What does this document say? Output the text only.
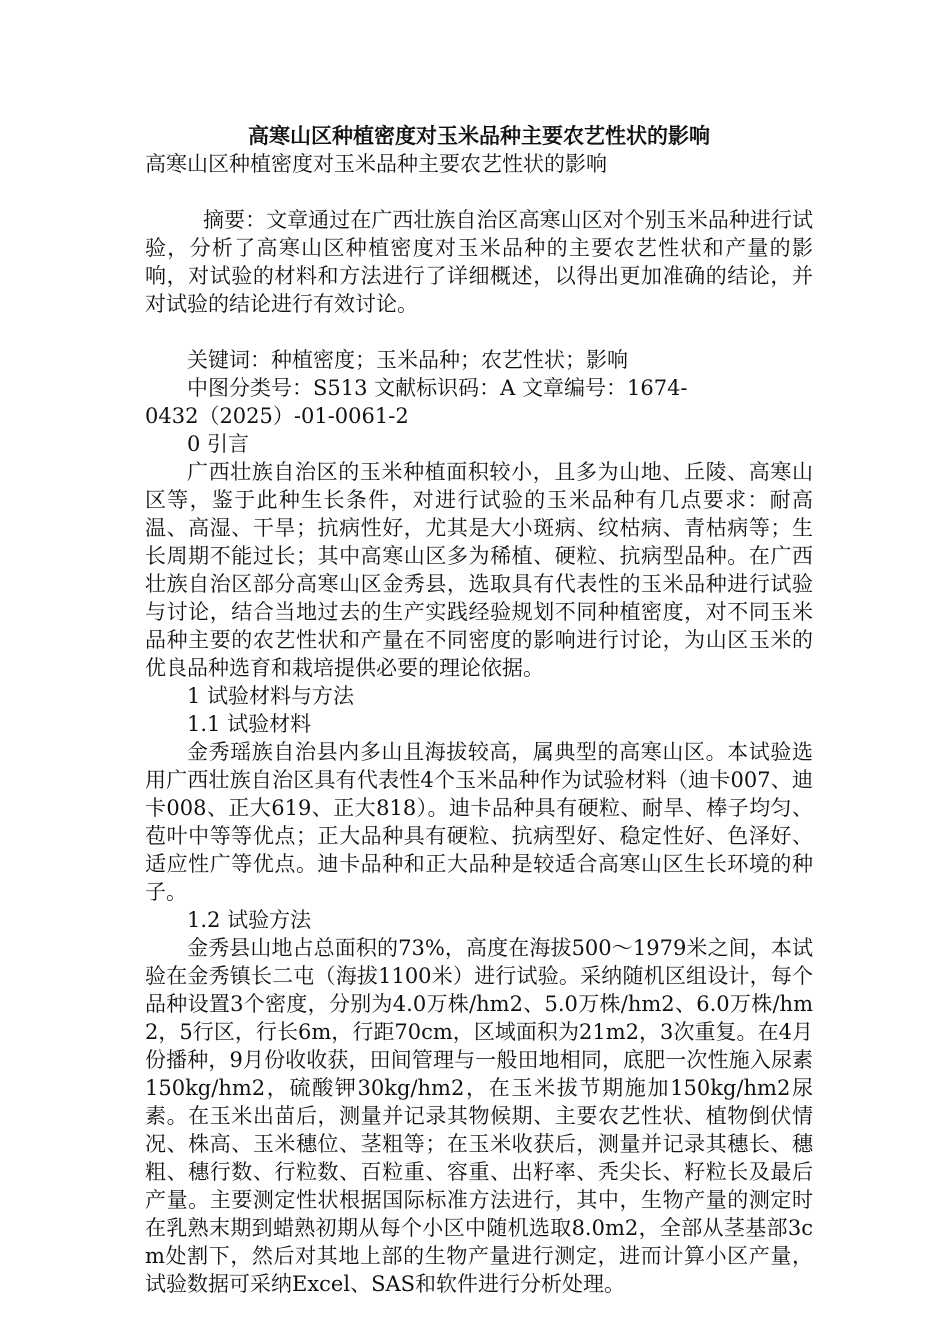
高寒山区种植密度对玉米品种主要农艺性状的影响

高寒山区种植密度对玉米品种主要农艺性状的影响

摘要：文章通过在广西壮族自治区高寒山区对个别玉米品种进行试验，分析了高寒山区种植密度对玉米品种的主要农艺性状和产量的影响，对试验的材料和方法进行了详细概述，以得出更加准确的结论，并对试验的结论进行有效讨论。

关键词：种植密度；玉米品种；农艺性状；影响

中图分类号：S513 文献标识码：A 文章编号：1674-

0432（2025）-01-0061-2

0 引言

广西壮族自治区的玉米种植面积较小，且多为山地、丘陵、高寒山区等，鉴于此种生长条件，对进行试验的玉米品种有几点要求：耐高温、高湿、干旱；抗病性好，尤其是大小斑病、纹枯病、青枯病等；生长周期不能过长；其中高寒山区多为稀植、硬粒、抗病型品种。在广西壮族自治区部分高寒山区金秀县，选取具有代表性的玉米品种进行试验与讨论，结合当地过去的生产实践经验规划不同种植密度，对不同玉米品种主要的农艺性状和产量在不同密度的影响进行讨论，为山区玉米的优良品种选育和栽培提供必要的理论依据。

1 试验材料与方法

1.1 试验材料

金秀瑶族自治县内多山且海拔较高，属典型的高寒山区。本试验选用广西壮族自治区具有代表性4个玉米品种作为试验材料（迪卡007、迪卡008、正大619、正大818）。迪卡品种具有硬粒、耐旱、棒子均匀、苞叶中等等优点；正大品种具有硬粒、抗病型好、稳定性好、色泽好、适应性广等优点。迪卡品种和正大品种是较适合高寒山区生长环境的种子。

1.2 试验方法

金秀县山地占总面积的73%，高度在海拔500～1979米之间，本试验在金秀镇长二屯（海拔1100米）进行试验。采纳随机区组设计，每个品种设置3个密度，分别为4.0万株/hm2、5.0万株/hm2、6.0万株/hm2，5行区，行长6m，行距70cm，区域面积为21m2，3次重复。在4月份播种，9月份收收获，田间管理与一般田地相同，底肥一次性施入尿素150kg/hm2，硫酸钾30kg/hm2，在玉米拔节期施加150kg/hm2尿素。在玉米出苗后，测量并记录其物候期、主要农艺性状、植物倒伏情况、株高、玉米穗位、茎粗等；在玉米收获后，测量并记录其穗长、穗粗、穗行数、行粒数、百粒重、容重、出籽率、秃尖长、籽粒长及最后产量。主要测定性状根据国际标准方法进行，其中，生物产量的测定时在乳熟末期到蜡熟初期从每个小区中随机选取8.0m2，全部从茎基部3cm处割下，然后对其地上部的生物产量进行测定，进而计算小区产量，试验数据可采纳Excel、SAS和软件进行分析处理。
